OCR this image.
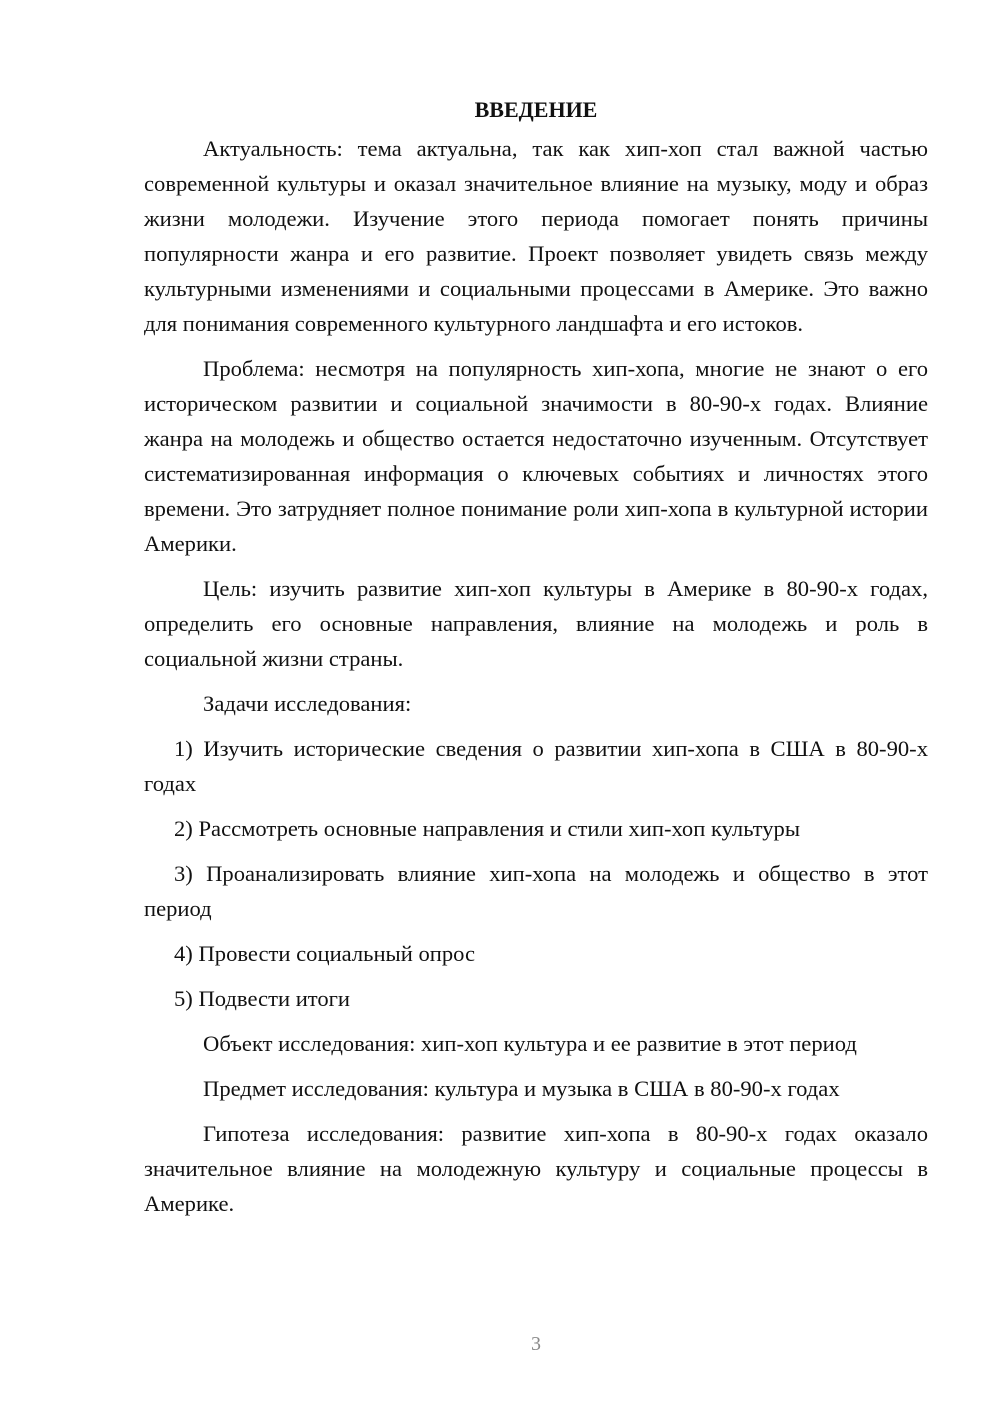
ВВЕДЕНИЕ

Актуальность: тема актуальна, так как хип-хоп стал важной частью современной культуры и оказал значительное влияние на музыку, моду и образ жизни молодежи. Изучение этого периода помогает понять причины популярности жанра и его развитие. Проект позволяет увидеть связь между культурными изменениями и социальными процессами в Америке. Это важно для понимания современного культурного ландшафта и его истоков.

Проблема: несмотря на популярность хип-хопа, многие не знают о его историческом развитии и социальной значимости в 80-90-х годах. Влияние жанра на молодежь и общество остается недостаточно изученным. Отсутствует систематизированная информация о ключевых событиях и личностях этого времени. Это затрудняет полное понимание роли хип-хопа в культурной истории Америки.

Цель: изучить развитие хип-хоп культуры в Америке в 80-90-х годах, определить его основные направления, влияние на молодежь и роль в социальной жизни страны.

Задачи исследования:

1) Изучить исторические сведения о развитии хип-хопа в США в 80-90-х годах

2) Рассмотреть основные направления и стили хип-хоп культуры

3) Проанализировать влияние хип-хопа на молодежь и общество в этот период

4) Провести социальный опрос

5) Подвести итоги

Объект исследования: хип-хоп культура и ее развитие в этот период

Предмет исследования: культура и музыка в США в 80-90-х годах

Гипотеза исследования: развитие хип-хопа в 80-90-х годах оказало значительное влияние на молодежную культуру и социальные процессы в Америке.

3
